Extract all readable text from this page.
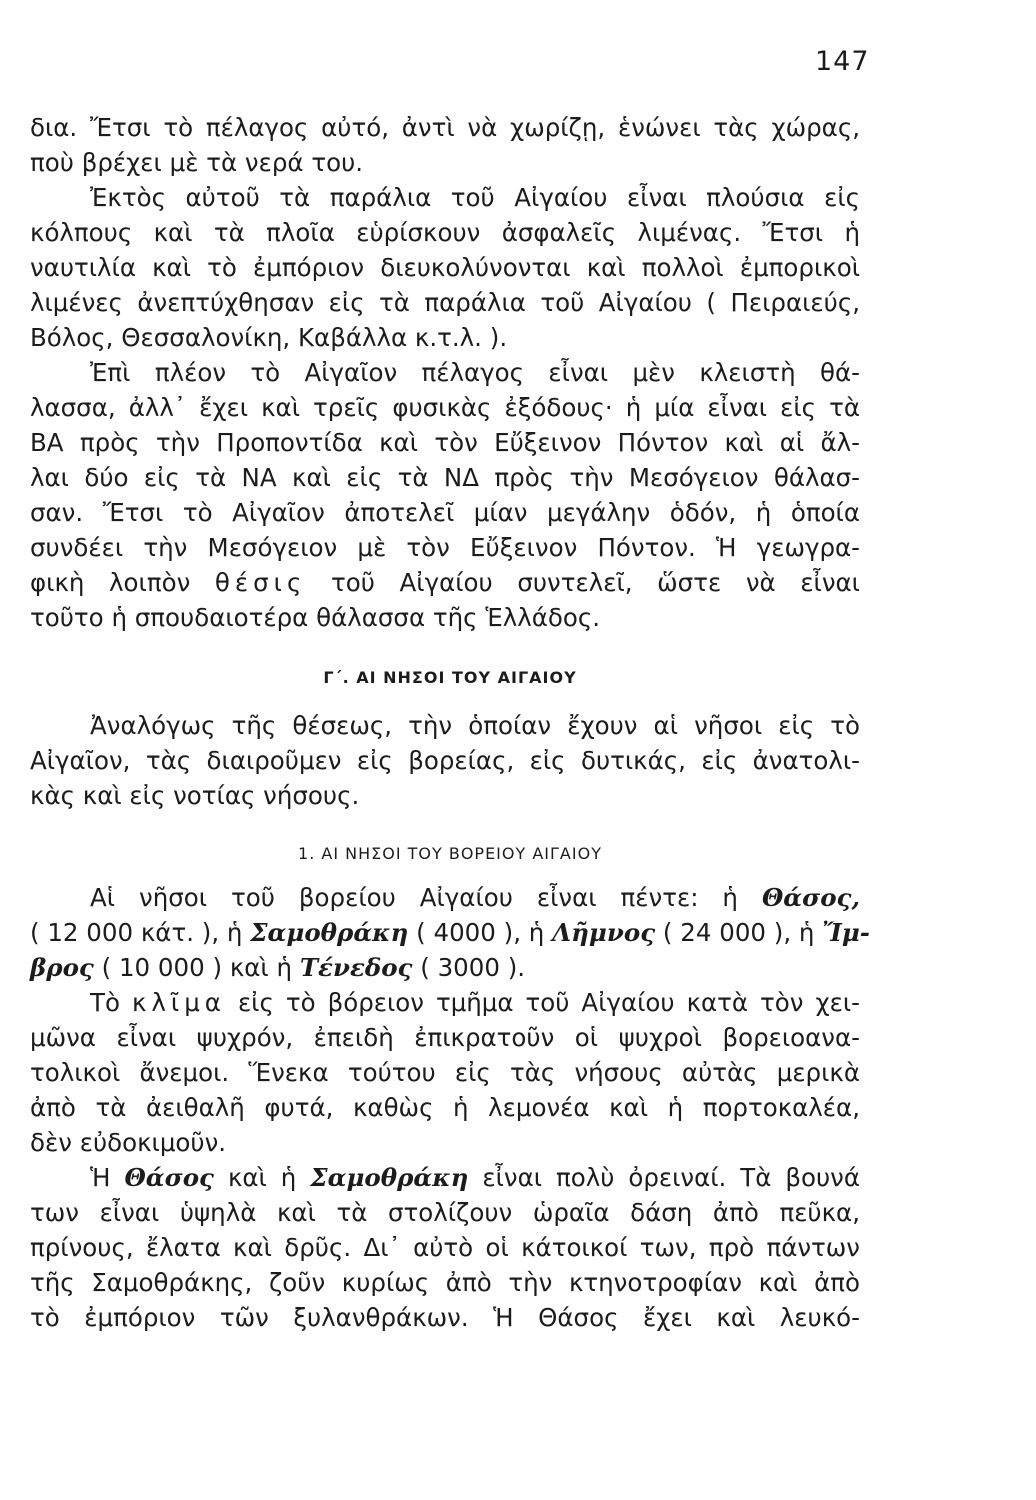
147
δια. Ἔτσι τὸ πέλαγος αὐτό, ἀντὶ νὰ χωρίζῃ, ἑνώνει τὰς χώρας,
ποὺ βρέχει μὲ τὰ νερά του.
Ἐκτὸς αὐτοῦ τὰ παράλια τοῦ Αἰγαίου εἶναι πλούσια εἰς
κόλπους καὶ τὰ πλοῖα εὑρίσκουν ἀσφαλεῖς λιμένας. Ἔτσι ἡ
ναυτιλία καὶ τὸ ἐμπόριον διευκολύνονται καὶ πολλοὶ ἐμπορικοὶ
λιμένες ἀνεπτύχθησαν εἰς τὰ παράλια τοῦ Αἰγαίου ( Πειραιεύς,
Βόλος, Θεσσαλονίκη, Καβάλλα κ.τ.λ. ).
Ἐπὶ πλέον τὸ Αἰγαῖον πέλαγος εἶναι μὲν κλειστὴ θά-
λασσα, ἀλλ᾽ ἔχει καὶ τρεῖς φυσικὰς ἐξόδους· ἡ μία εἶναι εἰς τὰ
ΒΑ πρὸς τὴν Προποντίδα καὶ τὸν Εὔξεινον Πόντον καὶ αἱ ἄλ-
λαι δύο εἰς τὰ ΝΑ καὶ εἰς τὰ ΝΔ πρὸς τὴν Μεσόγειον θάλασ-
σαν. Ἔτσι τὸ Αἰγαῖον ἀποτελεῖ μίαν μεγάλην ὁδόν, ἡ ὁποία
συνδέει τὴν Μεσόγειον μὲ τὸν Εὔξεινον Πόντον. Ἡ γεωγρα-
φικὴ λοιπὸν θέσις τοῦ Αἰγαίου συντελεῖ, ὥστε νὰ εἶναι
τοῦτο ἡ σπουδαιοτέρα θάλασσα τῆς Ἑλλάδος.
Γ΄. ΑΙ ΝΗΣΟΙ ΤΟΥ ΑΙΓΑΙΟΥ
Ἀναλόγως τῆς θέσεως, τὴν ὁποίαν ἔχουν αἱ νῆσοι εἰς τὸ
Αἰγαῖον, τὰς διαιροῦμεν εἰς βορείας, εἰς δυτικάς, εἰς ἀνατολι-
κὰς καὶ εἰς νοτίας νήσους.
1. ΑΙ ΝΗΣΟΙ ΤΟΥ ΒΟΡΕΙΟΥ ΑΙΓΑΙΟΥ
Αἱ νῆσοι τοῦ βορείου Αἰγαίου εἶναι πέντε: ἡ Θάσος,
( 12 000 κάτ. ), ἡ Σαμοθράκη ( 4000 ), ἡ Λῆμνος ( 24 000 ), ἡ Ἴμ-
βρος ( 10 000 ) καὶ ἡ Τένεδος ( 3000 ).
Τὸ κλῖμα εἰς τὸ βόρειον τμῆμα τοῦ Αἰγαίου κατὰ τὸν χει-
μῶνα εἶναι ψυχρόν, ἐπειδὴ ἐπικρατοῦν οἱ ψυχροὶ βορειοανα-
τολικοὶ ἄνεμοι. Ἕνεκα τούτου εἰς τὰς νήσους αὐτὰς μερικὰ
ἀπὸ τὰ ἀειθαλῆ φυτά, καθὼς ἡ λεμονέα καὶ ἡ πορτοκαλέα,
δὲν εὐδοκιμοῦν.
Ἡ Θάσος καὶ ἡ Σαμοθράκη εἶναι πολὺ ὀρειναί. Τὰ βουνά
των εἶναι ὑψηλὰ καὶ τὰ στολίζουν ὡραῖα δάση ἀπὸ πεῦκα,
πρίνους, ἔλατα καὶ δρῦς. Δι᾽ αὐτὸ οἱ κάτοικοί των, πρὸ πάντων
τῆς Σαμοθράκης, ζοῦν κυρίως ἀπὸ τὴν κτηνοτροφίαν καὶ ἀπὸ
τὸ ἐμπόριον τῶν ξυλανθράκων. Ἡ Θάσος ἔχει καὶ λευκό-
